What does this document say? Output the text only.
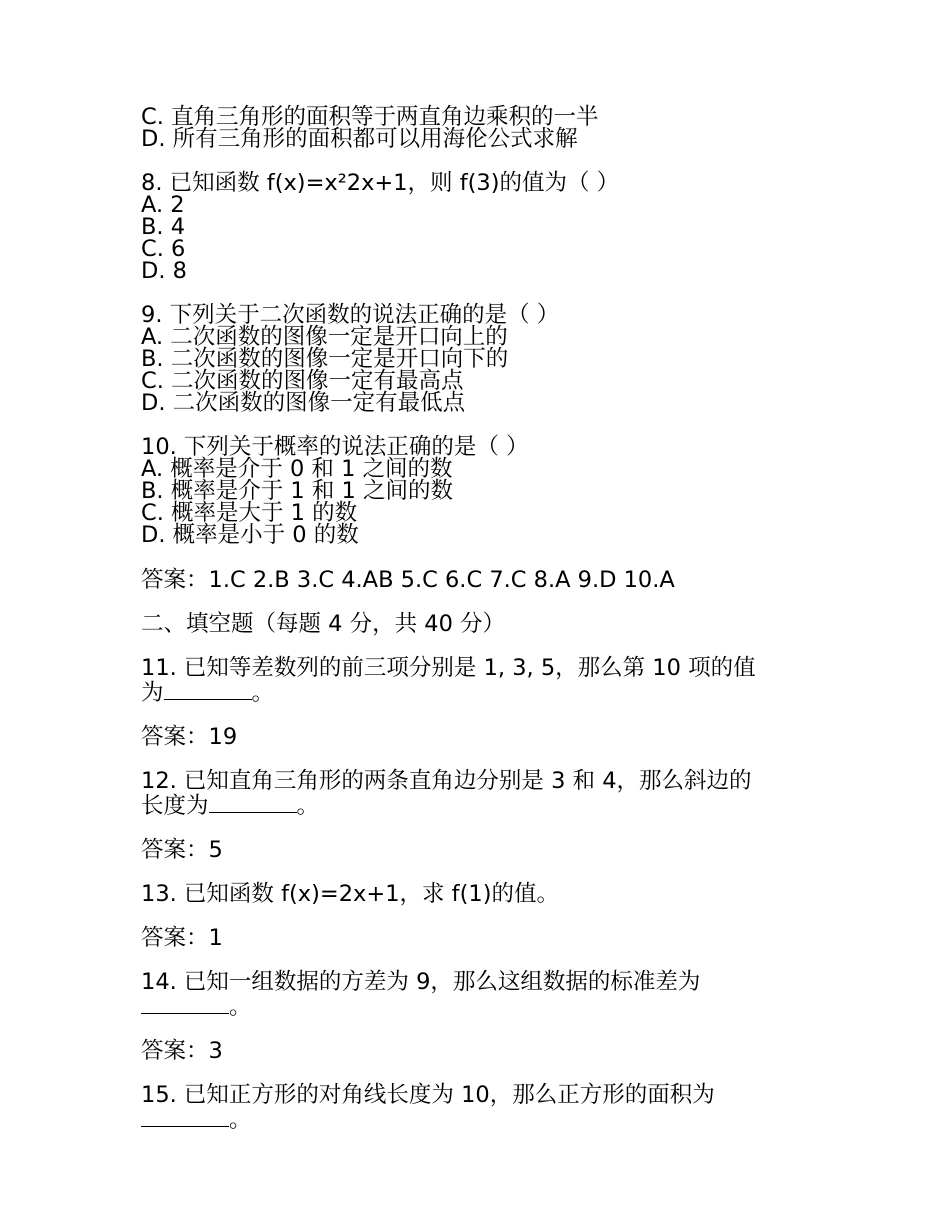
C. 直角三角形的面积等于两直角边乘积的一半
D. 所有三角形的面积都可以用海伦公式求解
8. 已知函数 f(x)=x²2x+1，则 f(3)的值为（ ）
A. 2
B. 4
C. 6
D. 8
9. 下列关于二次函数的说法正确的是（ ）
A. 二次函数的图像一定是开口向上的
B. 二次函数的图像一定是开口向下的
C. 二次函数的图像一定有最高点
D. 二次函数的图像一定有最低点
10. 下列关于概率的说法正确的是（ ）
A. 概率是介于 0 和 1 之间的数
B. 概率是介于 1 和 1 之间的数
C. 概率是大于 1 的数
D. 概率是小于 0 的数
答案：1.C 2.B 3.C 4.AB 5.C 6.C 7.C 8.A 9.D 10.A
二、填空题（每题 4 分，共 40 分）
11. 已知等差数列的前三项分别是 1, 3, 5，那么第 10 项的值
为	。
答案：19
12. 已知直角三角形的两条直角边分别是 3 和 4，那么斜边的
长度为	。
答案：5
13. 已知函数 f(x)=2x+1，求 f(1)的值。
答案：1
14. 已知一组数据的方差为 9，那么这组数据的标准差为
。
答案：3
15. 已知正方形的对角线长度为 10，那么正方形的面积为
。
